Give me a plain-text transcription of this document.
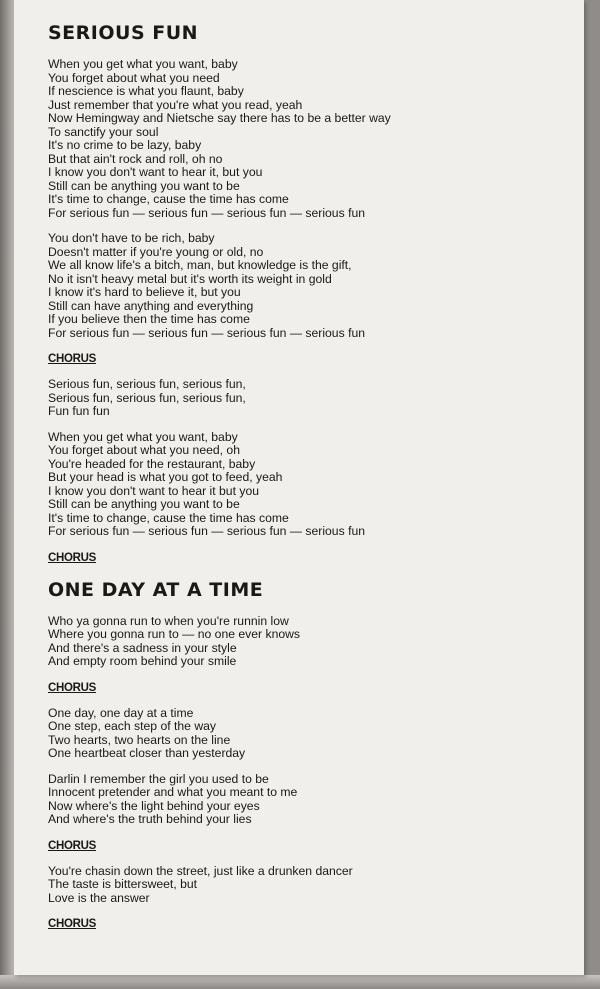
SERIOUS FUN
When you get what you want, baby
You forget about what you need
If nescience is what you flaunt, baby
Just remember that you're what you read, yeah
Now Hemingway and Nietsche say there has to be a better way
To sanctify your soul
It's no crime to be lazy, baby
But that ain't rock and roll, oh no
I know you don't want to hear it, but you
Still can be anything you want to be
It's time to change, cause the time has come
For serious fun — serious fun — serious fun — serious fun
You don't have to be rich, baby
Doesn't matter if you're young or old, no
We all know life's a bitch, man, but knowledge is the gift,
No it isn't heavy metal but it's worth its weight in gold
I know it's hard to believe it, but you
Still can have anything and everything
If you believe then the time has come
For serious fun — serious fun — serious fun — serious fun
CHORUS
Serious fun, serious fun, serious fun,
Serious fun, serious fun, serious fun,
Fun fun fun
When you get what you want, baby
You forget about what you need, oh
You're headed for the restaurant, baby
But your head is what you got to feed, yeah
I know you don't want to hear it but you
Still can be anything you want to be
It's time to change, cause the time has come
For serious fun — serious fun — serious fun — serious fun
CHORUS
ONE DAY AT A TIME
Who ya gonna run to when you're runnin low
Where you gonna run to — no one ever knows
And there's a sadness in your style
And empty room behind your smile
CHORUS
One day, one day at a time
One step, each step of the way
Two hearts, two hearts on the line
One heartbeat closer than yesterday
Darlin I remember the girl you used to be
Innocent pretender and what you meant to me
Now where's the light behind your eyes
And where's the truth behind your lies
CHORUS
You're chasin down the street, just like a drunken dancer
The taste is bittersweet, but
Love is the answer
CHORUS
